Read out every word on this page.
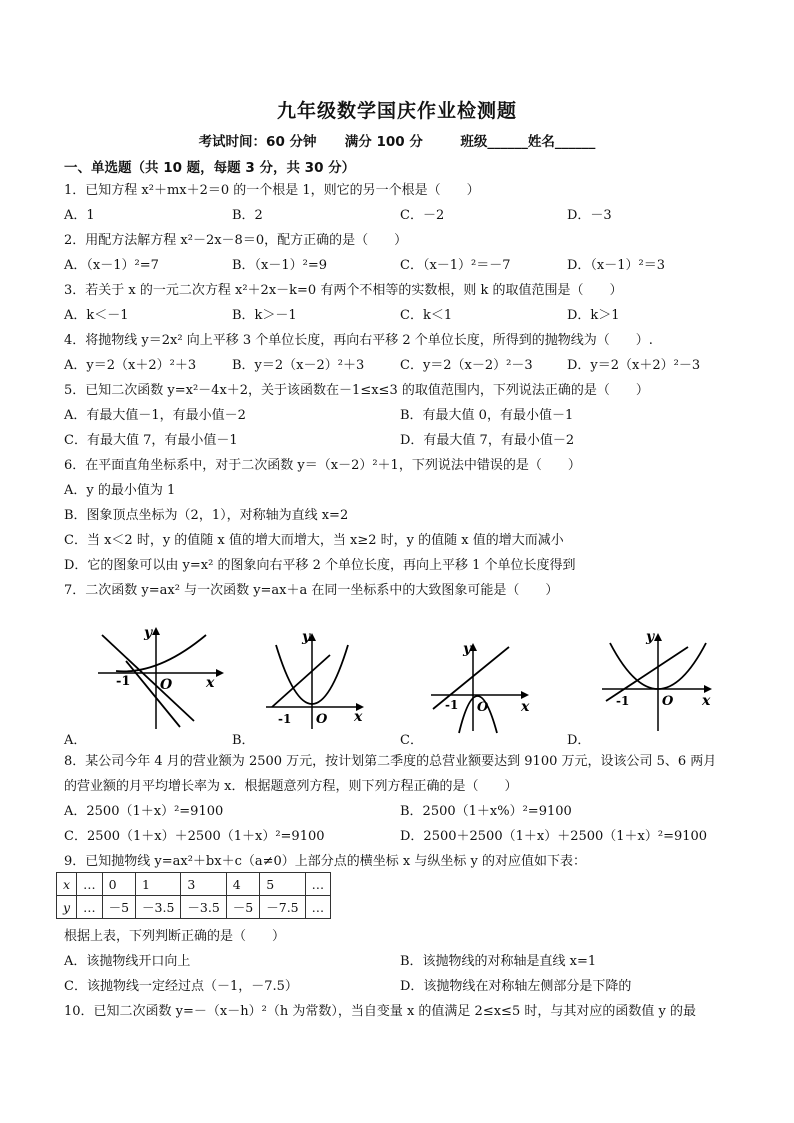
九年级数学国庆作业检测题
考试时间：60 分钟      满分 100 分        班级______姓名______
一、单选题（共 10 题，每题 3 分，共 30 分）
1．已知方程 x²＋mx＋2＝0 的一个根是 1，则它的另一个根是（　　）
A．1	B．2	C．－2	D．－3
2．用配方法解方程 x²－2x－8＝0，配方正确的是（　　）
A．（x－1）²=7	B．（x－1）²=9	C．（x－1）²＝－7	D．（x－1）²＝3
3．若关于 x 的一元二次方程 x²＋2x－k=0 有两个不相等的实数根，则 k 的取值范围是（　　）
A．k＜－1	B．k＞－1	C．k＜1	D．k＞1
4．将抛物线 y＝2x² 向上平移 3 个单位长度，再向右平移 2 个单位长度，所得到的抛物线为（　　）.
A．y＝2（x＋2）²＋3	B．y＝2（x－2）²＋3	C．y＝2（x－2）²－3	D．y＝2（x＋2）²－3
5．已知二次函数 y=x²－4x＋2，关于该函数在－1≤x≤3 的取值范围内，下列说法正确的是（　　）
A．有最大值－1，有最小值－2	B．有最大值 0，有最小值－1
C．有最大值 7，有最小值－1	D．有最大值 7，有最小值－2
6．在平面直角坐标系中，对于二次函数 y＝（x－2）²＋1，下列说法中错误的是（　　）
A．y 的最小值为 1
B．图象顶点坐标为（2，1），对称轴为直线 x=2
C．当 x＜2 时，y 的值随 x 值的增大而增大，当 x≥2 时，y 的值随 x 值的增大而减小
D．它的图象可以由 y=x² 的图象向右平移 2 个单位长度，再向上平移 1 个单位长度得到
7．二次函数 y=ax² 与一次函数 y=ax＋a 在同一坐标系中的大致图象可能是（　　）
y
x
O
-1
y
x
O
-1
y
x
O
-1
y
x
O
-1
A．	B．	C．	D．
8．某公司今年 4 月的营业额为 2500 万元，按计划第二季度的总营业额要达到 9100 万元，设该公司 5、6 两月
的营业额的月平均增长率为 x．根据题意列方程，则下列方程正确的是（　　）
A．2500（1＋x）²=9100	B．2500（1＋x%）²=9100
C．2500（1＋x）＋2500（1＋x）²=9100	D．2500＋2500（1＋x）＋2500（1＋x）²=9100
9．已知抛物线 y=ax²＋bx＋c（a≠0）上部分点的横坐标 x 与纵坐标 y 的对应值如下表：
x	…	0	1	3	4	5	…
y	…	－5	－3.5	－3.5	－5	－7.5	…
根据上表，下列判断正确的是（　　）
A．该抛物线开口向上	B．该抛物线的对称轴是直线 x=1
C．该抛物线一定经过点（－1，－7.5）	D．该抛物线在对称轴左侧部分是下降的
10．已知二次函数 y=－（x－h）²（h 为常数），当自变量 x 的值满足 2≤x≤5 时，与其对应的函数值 y 的最
